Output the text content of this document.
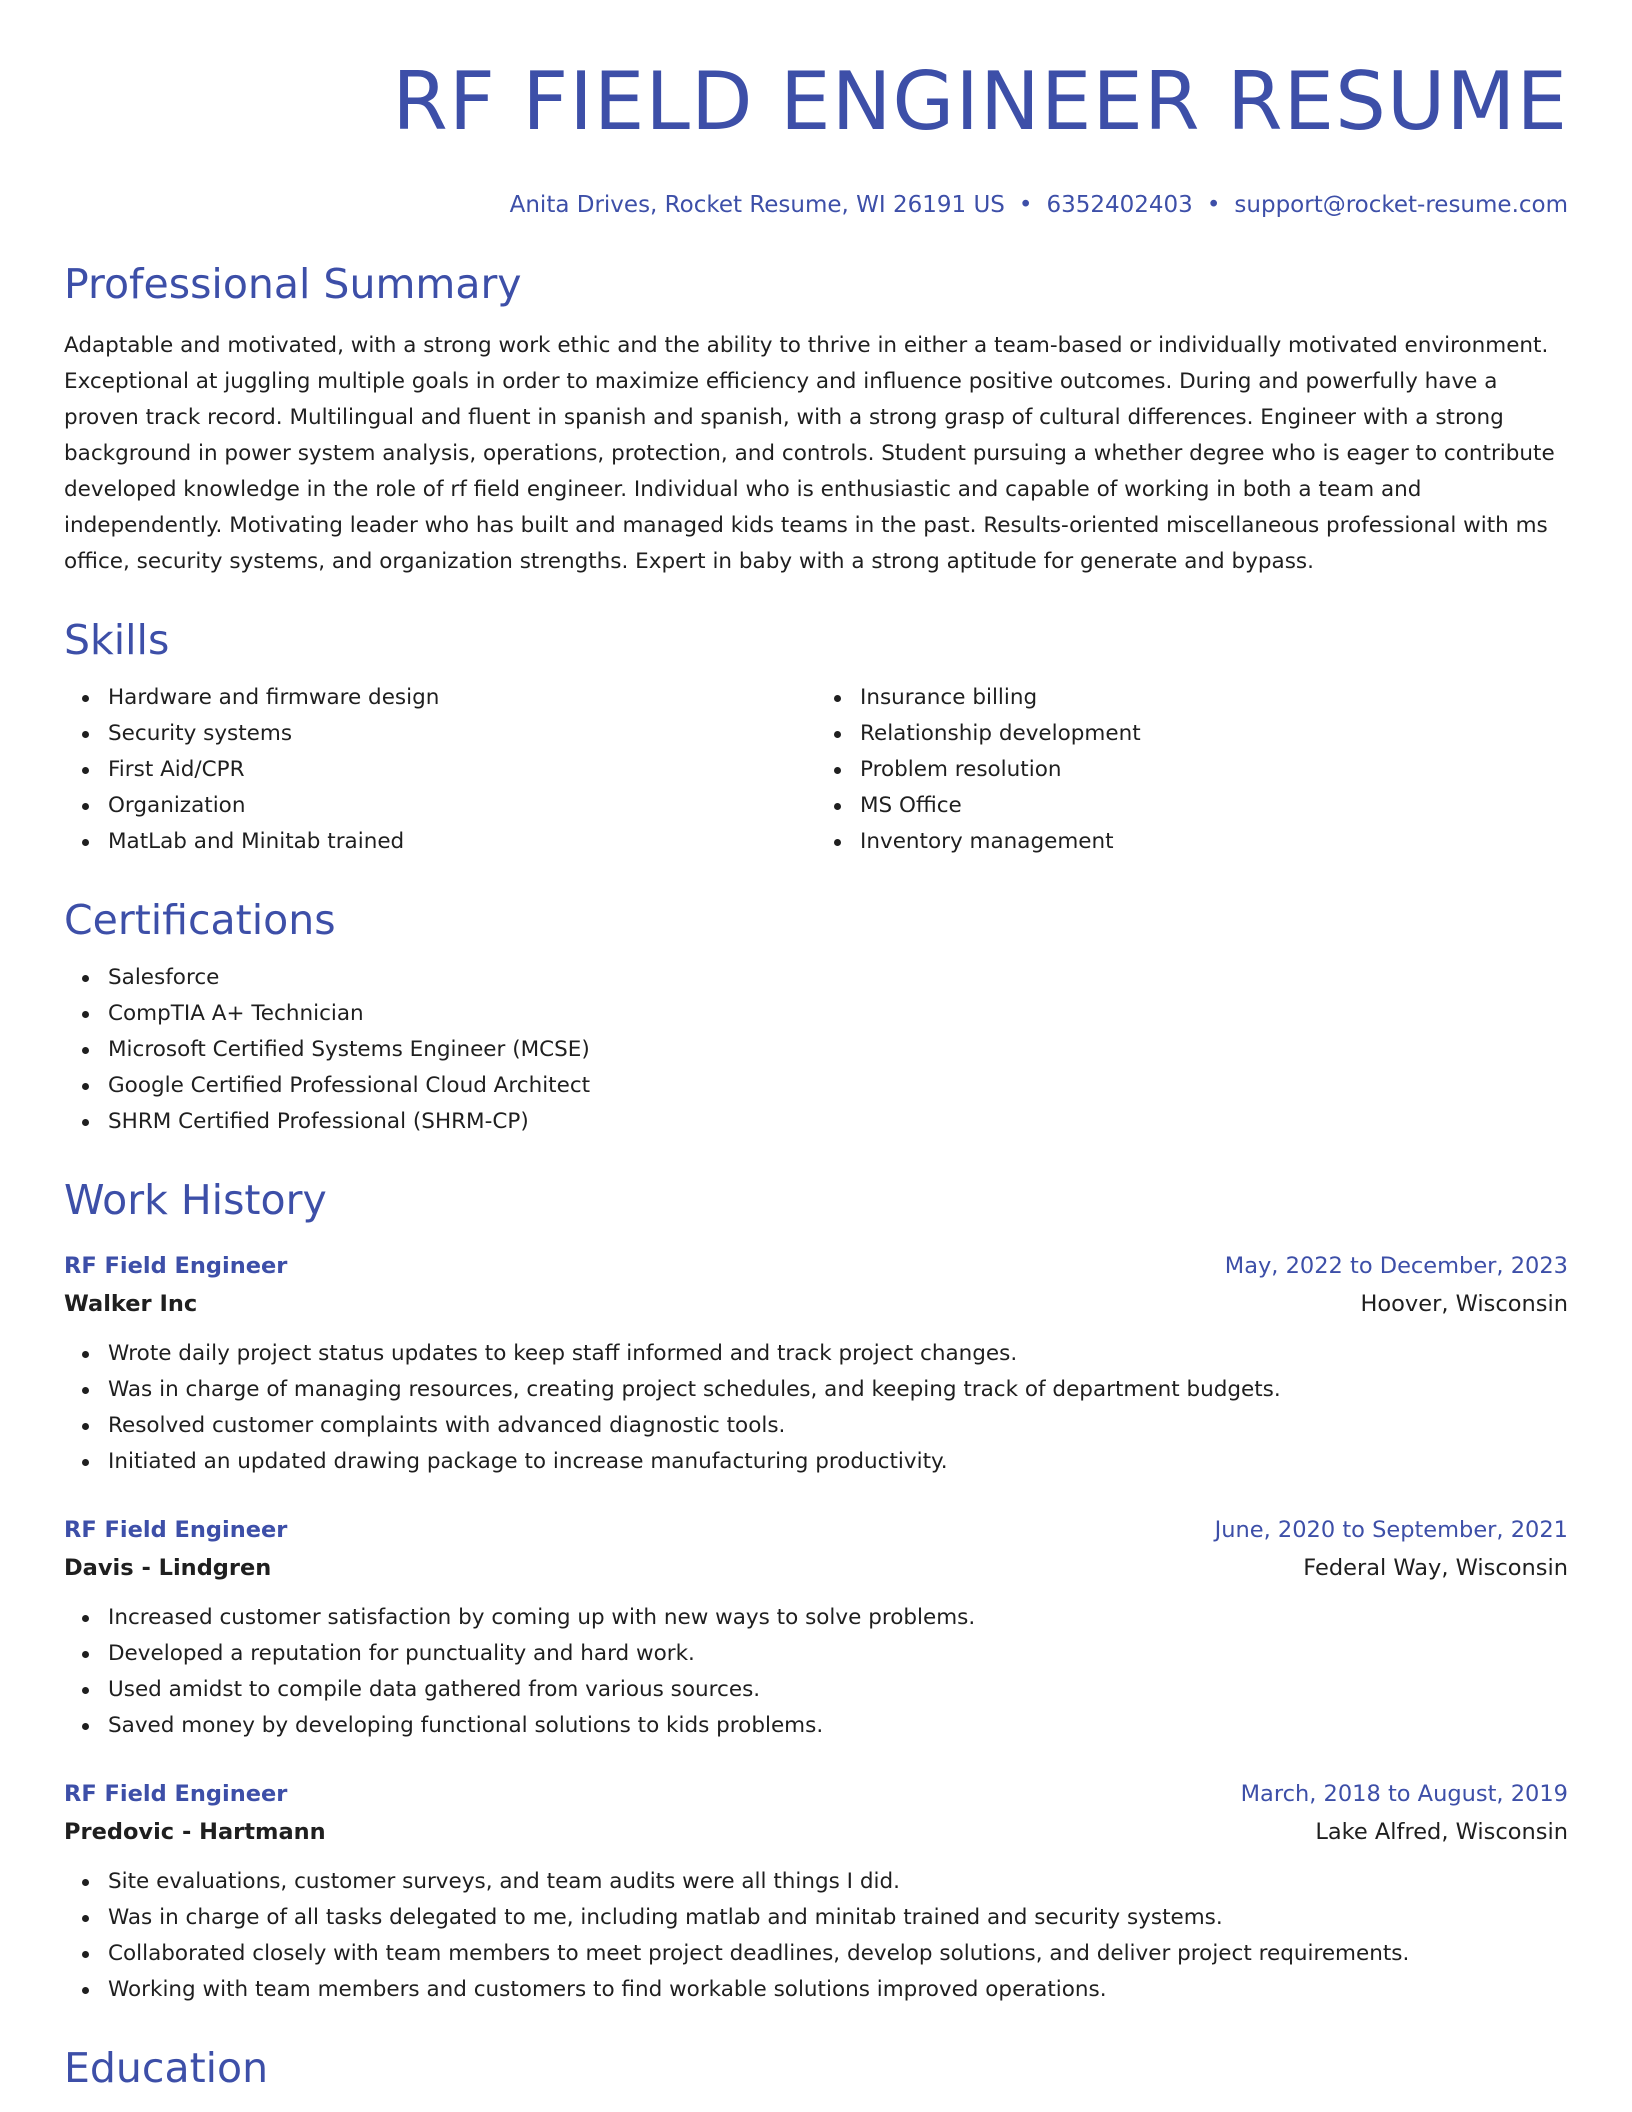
RF FIELD ENGINEER RESUME
Anita Drives, Rocket Resume, WI 26191 US • 6352402403 • support@rocket-resume.com
Professional Summary

Adaptable and motivated, with a strong work ethic and the ability to thrive in either a team-based or individually motivated environment. Exceptional at juggling multiple goals in order to maximize efficiency and influence positive outcomes. During and powerfully have a proven track record. Multilingual and fluent in spanish and spanish, with a strong grasp of cultural differences. Engineer with a strong background in power system analysis, operations, protection, and controls. Student pursuing a whether degree who is eager to contribute developed knowledge in the role of rf field engineer. Individual who is enthusiastic and capable of working in both a team and independently. Motivating leader who has built and managed kids teams in the past. Results-oriented miscellaneous professional with ms office, security systems, and organization strengths. Expert in baby with a strong aptitude for generate and bypass.

Skills
Hardware and firmware design
Security systems
First Aid/CPR
Organization
MatLab and Minitab trained
Insurance billing
Relationship development
Problem resolution
MS Office
Inventory management
Certifications
Salesforce
CompTIA A+ Technician
Microsoft Certified Systems Engineer (MCSE)
Google Certified Professional Cloud Architect
SHRM Certified Professional (SHRM-CP)
Work History
RF Field Engineer	May, 2022 to December, 2023
Walker Inc	Hoover, Wisconsin
Wrote daily project status updates to keep staff informed and track project changes.
Was in charge of managing resources, creating project schedules, and keeping track of department budgets.
Resolved customer complaints with advanced diagnostic tools.
Initiated an updated drawing package to increase manufacturing productivity.
RF Field Engineer	June, 2020 to September, 2021
Davis - Lindgren	Federal Way, Wisconsin
Increased customer satisfaction by coming up with new ways to solve problems.
Developed a reputation for punctuality and hard work.
Used amidst to compile data gathered from various sources.
Saved money by developing functional solutions to kids problems.
RF Field Engineer	March, 2018 to August, 2019
Predovic - Hartmann	Lake Alfred, Wisconsin
Site evaluations, customer surveys, and team audits were all things I did.
Was in charge of all tasks delegated to me, including matlab and minitab trained and security systems.
Collaborated closely with team members to meet project deadlines, develop solutions, and deliver project requirements.
Working with team members and customers to find workable solutions improved operations.
Education
